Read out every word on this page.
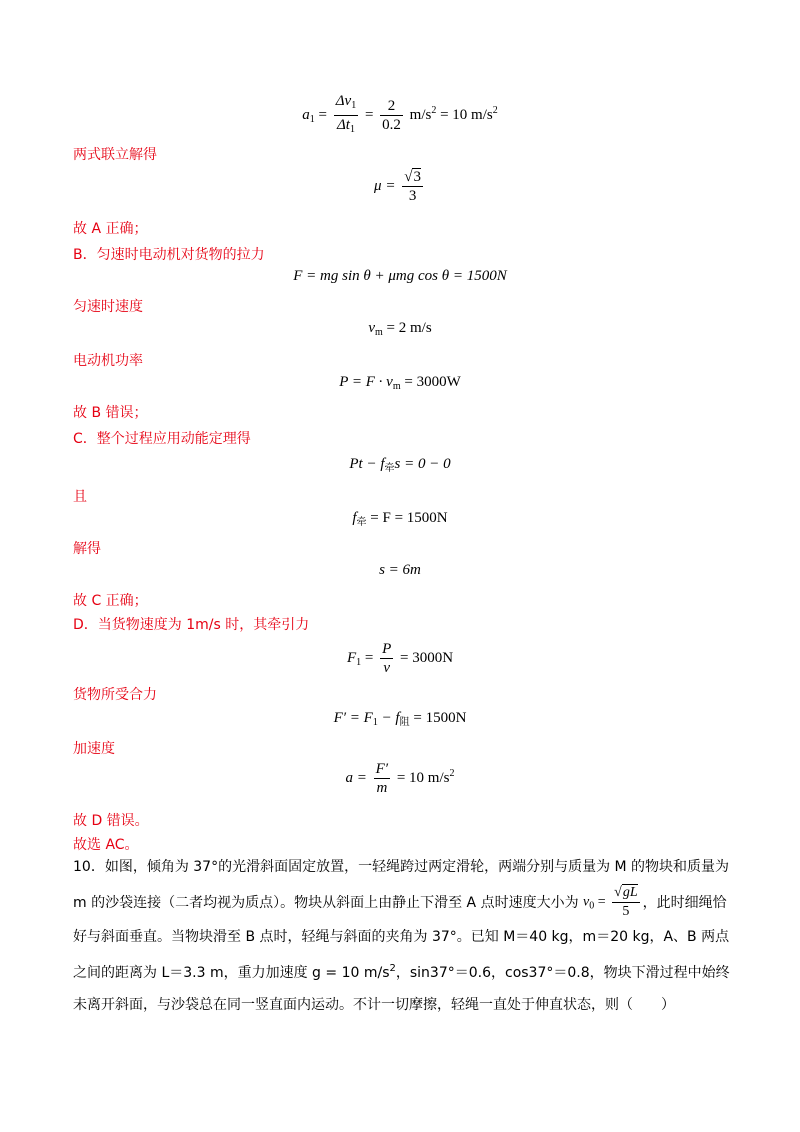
$a_1 = \frac{\Delta v_1}{\Delta t_1} = \frac{2}{0.2} m/s^2 = 10$ $m/s^2$
两式联立解得
$\mu = \frac{√3}{3}$
故 A 正确；
B．匀速时电动机对货物的拉力
F = mg sin θ + μmg cos θ = 1500N
匀速时速度
$v_m = 2$ m/s
电动机功率
$P = F \cdot v_m = 3000W$
故 B 错误；
C．整个过程应用动能定理得
$Pt - f_牵s = 0 - 0$
且
$f_牵 = F = 1500N$
解得
s = 6m
故 C 正确；
D．当货物速度为 1m/s 时，其牵引力
$F_1 = \frac{P}{v} = 3000N$
货物所受合力
$F' = F_1 - f_阻 = 1500N$
加速度
$a = \frac{F'}{m} = 10$ $m/s^2$
故 D 错误。
故选 AC。
10．如图，倾角为 37°的光滑斜面固定放置，一轻绳跨过两定滑轮，两端分别与质量为 M 的物块和质量为 m 的沙袋连接（二者均视为质点）。物块从斜面上由静止下滑至 A 点时速度大小为 $v_0 = \frac{√gL}{5}$ ，此时细绳恰好与斜面垂直。当物块滑至 B 点时，轻绳与斜面的夹角为 37°。已知 M＝40 kg，m＝20 kg，A、B 两点之间的距离为 L＝3.3 m，重力加速度 g = 10 $m/s^2$，sin37°＝0.6，cos37°＝0.8，物块下滑过程中始终未离开斜面，与沙袋总在同一竖直面内运动。不计一切摩擦，轻绳一直处于伸直状态，则（　　）
